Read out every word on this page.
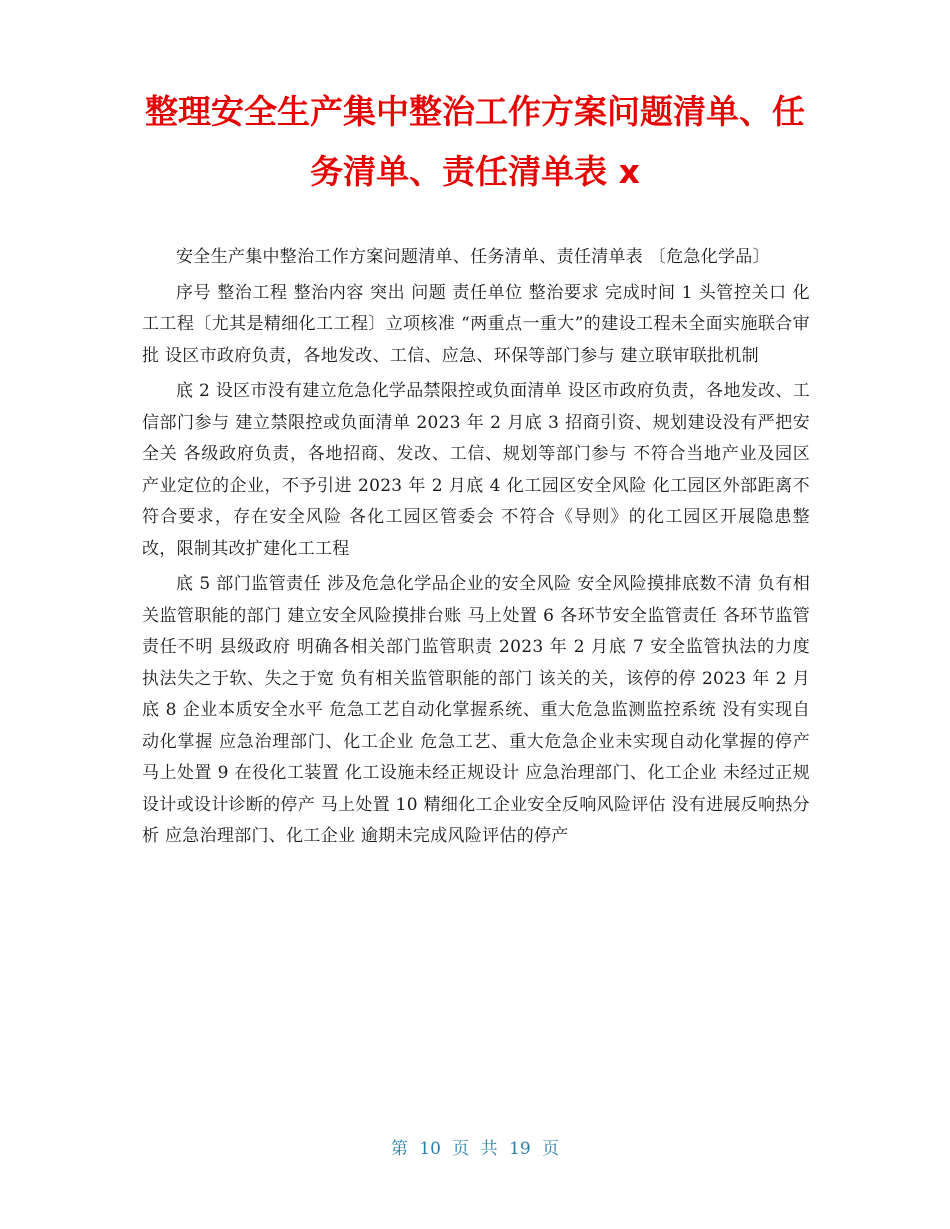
整理安全生产集中整治工作方案问题清单、任务清单、责任清单表 x

安全生产集中整治工作方案问题清单、任务清单、责任清单表 〔危急化学品〕

序号 整治工程 整治内容 突出 问题 责任单位 整治要求 完成时间 1 头管控关口 化工工程〔尤其是精细化工工程〕立项核准 “两重点一重大”的建设工程未全面实施联合审批 设区市政府负责，各地发改、工信、应急、环保等部门参与 建立联审联批机制

底 2 设区市没有建立危急化学品禁限控或负面清单 设区市政府负责，各地发改、工信部门参与 建立禁限控或负面清单 2023 年 2 月底 3 招商引资、规划建设没有严把安全关 各级政府负责，各地招商、发改、工信、规划等部门参与 不符合当地产业及园区产业定位的企业，不予引进 2023 年 2 月底 4 化工园区安全风险 化工园区外部距离不符合要求，存在安全风险 各化工园区管委会 不符合《导则》的化工园区开展隐患整改，限制其改扩建化工工程

底 5 部门监管责任 涉及危急化学品企业的安全风险 安全风险摸排底数不清 负有相关监管职能的部门 建立安全风险摸排台账 马上处置 6 各环节安全监管责任 各环节监管责任不明 县级政府 明确各相关部门监管职责 2023 年 2 月底 7 安全监管执法的力度 执法失之于软、失之于宽 负有相关监管职能的部门 该关的关，该停的停 2023 年 2 月底 8 企业本质安全水平 危急工艺自动化掌握系统、重大危急监测监控系统 没有实现自动化掌握 应急治理部门、化工企业 危急工艺、重大危急企业未实现自动化掌握的停产 马上处置 9 在役化工装置 化工设施未经正规设计 应急治理部门、化工企业 未经过正规设计或设计诊断的停产 马上处置 10 精细化工企业安全反响风险评估 没有进展反响热分析 应急治理部门、化工企业 逾期未完成风险评估的停产

第 10 页 共 19 页
